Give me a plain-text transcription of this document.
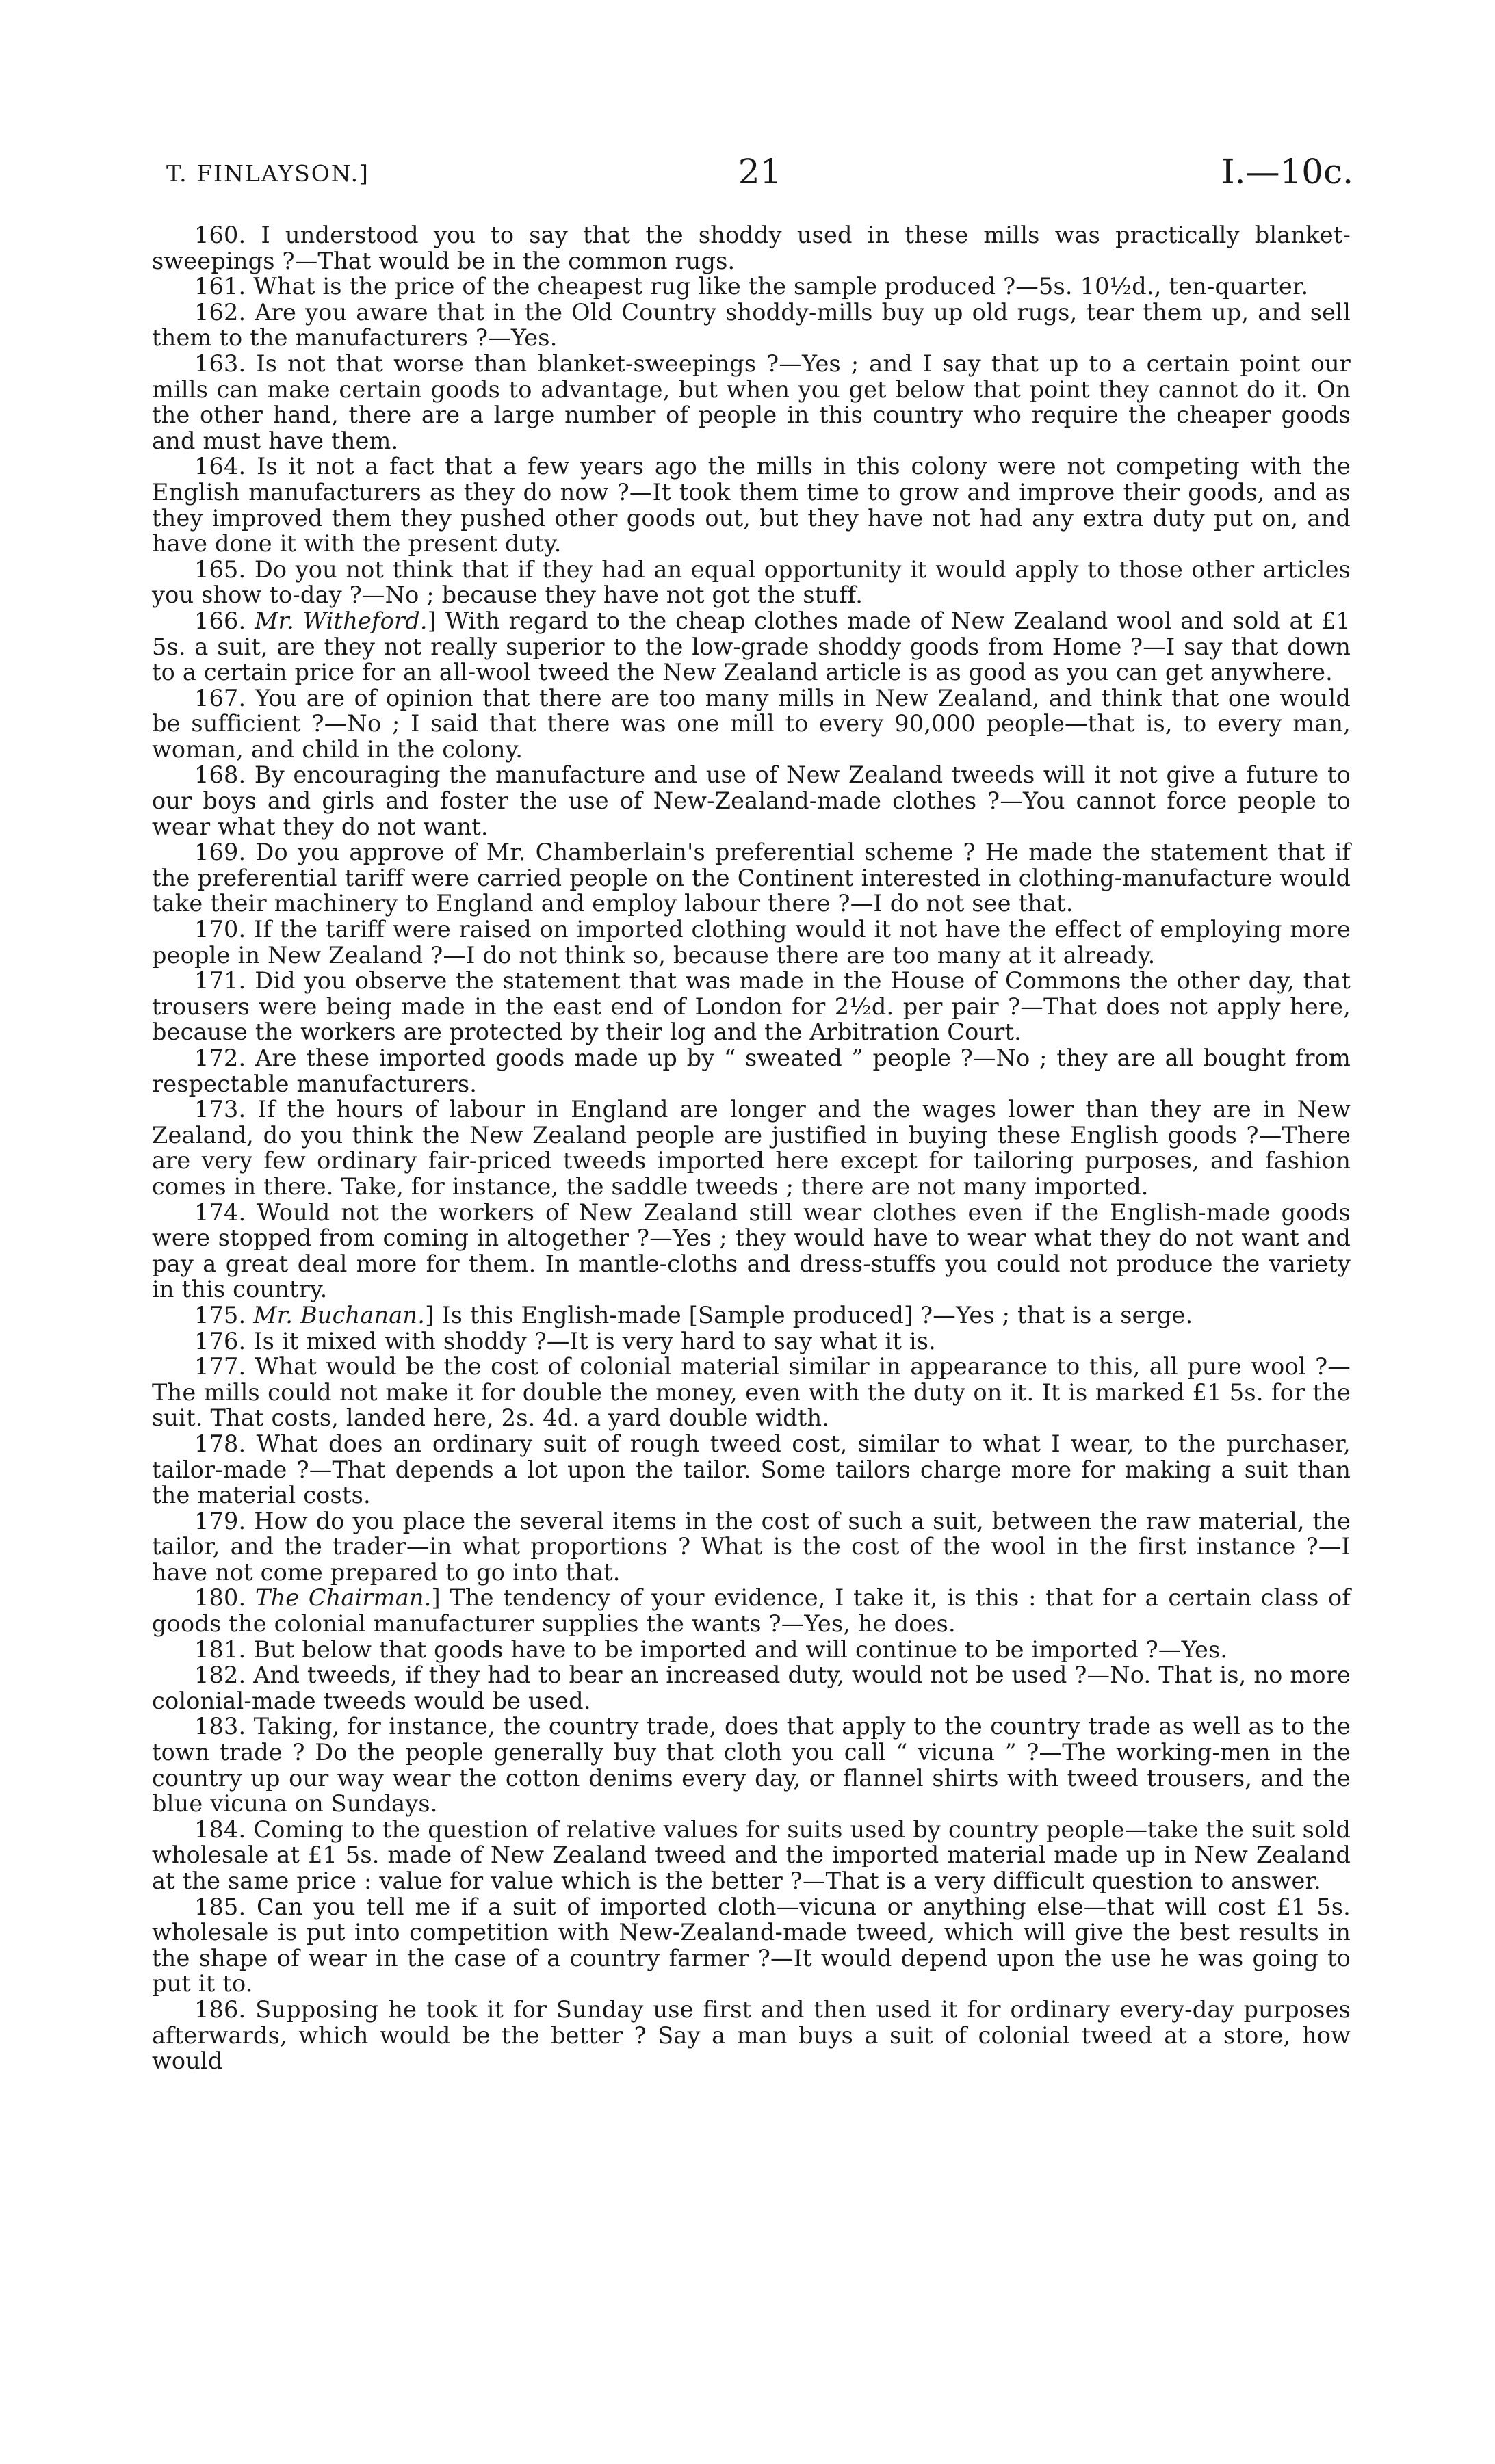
T. FINLAYSON.]	21	I.—10c.

160. I understood you to say that the shoddy used in these mills was practically blanket-sweepings ?—That would be in the common rugs.

161. What is the price of the cheapest rug like the sample produced ?—5s. 10½d., ten-quarter.

162. Are you aware that in the Old Country shoddy-mills buy up old rugs, tear them up, and sell them to the manufacturers ?—Yes.

163. Is not that worse than blanket-sweepings ?—Yes ; and I say that up to a certain point our mills can make certain goods to advantage, but when you get below that point they cannot do it. On the other hand, there are a large number of people in this country who require the cheaper goods and must have them.

164. Is it not a fact that a few years ago the mills in this colony were not competing with the English manufacturers as they do now ?—It took them time to grow and improve their goods, and as they improved them they pushed other goods out, but they have not had any extra duty put on, and have done it with the present duty.

165. Do you not think that if they had an equal opportunity it would apply to those other articles you show to-day ?—No ; because they have not got the stuff.

166. Mr. Witheford.] With regard to the cheap clothes made of New Zealand wool and sold at £1 5s. a suit, are they not really superior to the low-grade shoddy goods from Home ?—I say that down to a certain price for an all-wool tweed the New Zealand article is as good as you can get anywhere.

167. You are of opinion that there are too many mills in New Zealand, and think that one would be sufficient ?—No ; I said that there was one mill to every 90,000 people—that is, to every man, woman, and child in the colony.

168. By encouraging the manufacture and use of New Zealand tweeds will it not give a future to our boys and girls and foster the use of New-Zealand-made clothes ?—You cannot force people to wear what they do not want.

169. Do you approve of Mr. Chamberlain's preferential scheme ? He made the statement that if the preferential tariff were carried people on the Continent interested in clothing-manufacture would take their machinery to England and employ labour there ?—I do not see that.

170. If the tariff were raised on imported clothing would it not have the effect of employing more people in New Zealand ?—I do not think so, because there are too many at it already.

171. Did you observe the statement that was made in the House of Commons the other day, that trousers were being made in the east end of London for 2½d. per pair ?—That does not apply here, because the workers are protected by their log and the Arbitration Court.

172. Are these imported goods made up by “ sweated ” people ?—No ; they are all bought from respectable manufacturers.

173. If the hours of labour in England are longer and the wages lower than they are in New Zealand, do you think the New Zealand people are justified in buying these English goods ?—There are very few ordinary fair-priced tweeds imported here except for tailoring purposes, and fashion comes in there. Take, for instance, the saddle tweeds ; there are not many imported.

174. Would not the workers of New Zealand still wear clothes even if the English-made goods were stopped from coming in altogether ?—Yes ; they would have to wear what they do not want and pay a great deal more for them. In mantle-cloths and dress-stuffs you could not produce the variety in this country.

175. Mr. Buchanan.] Is this English-made [Sample produced] ?—Yes ; that is a serge.

176. Is it mixed with shoddy ?—It is very hard to say what it is.

177. What would be the cost of colonial material similar in appearance to this, all pure wool ?—The mills could not make it for double the money, even with the duty on it. It is marked £1 5s. for the suit. That costs, landed here, 2s. 4d. a yard double width.

178. What does an ordinary suit of rough tweed cost, similar to what I wear, to the purchaser, tailor-made ?—That depends a lot upon the tailor. Some tailors charge more for making a suit than the material costs.

179. How do you place the several items in the cost of such a suit, between the raw material, the tailor, and the trader—in what proportions ? What is the cost of the wool in the first instance ?—I have not come prepared to go into that.

180. The Chairman.] The tendency of your evidence, I take it, is this : that for a certain class of goods the colonial manufacturer supplies the wants ?—Yes, he does.

181. But below that goods have to be imported and will continue to be imported ?—Yes.

182. And tweeds, if they had to bear an increased duty, would not be used ?—No. That is, no more colonial-made tweeds would be used.

183. Taking, for instance, the country trade, does that apply to the country trade as well as to the town trade ? Do the people generally buy that cloth you call “ vicuna ” ?—The working-men in the country up our way wear the cotton denims every day, or flannel shirts with tweed trousers, and the blue vicuna on Sundays.

184. Coming to the question of relative values for suits used by country people—take the suit sold wholesale at £1 5s. made of New Zealand tweed and the imported material made up in New Zealand at the same price : value for value which is the better ?—That is a very difficult question to answer.

185. Can you tell me if a suit of imported cloth—vicuna or anything else—that will cost £1 5s. wholesale is put into competition with New-Zealand-made tweed, which will give the best results in the shape of wear in the case of a country farmer ?—It would depend upon the use he was going to put it to.

186. Supposing he took it for Sunday use first and then used it for ordinary every-day purposes afterwards, which would be the better ? Say a man buys a suit of colonial tweed at a store, how would
